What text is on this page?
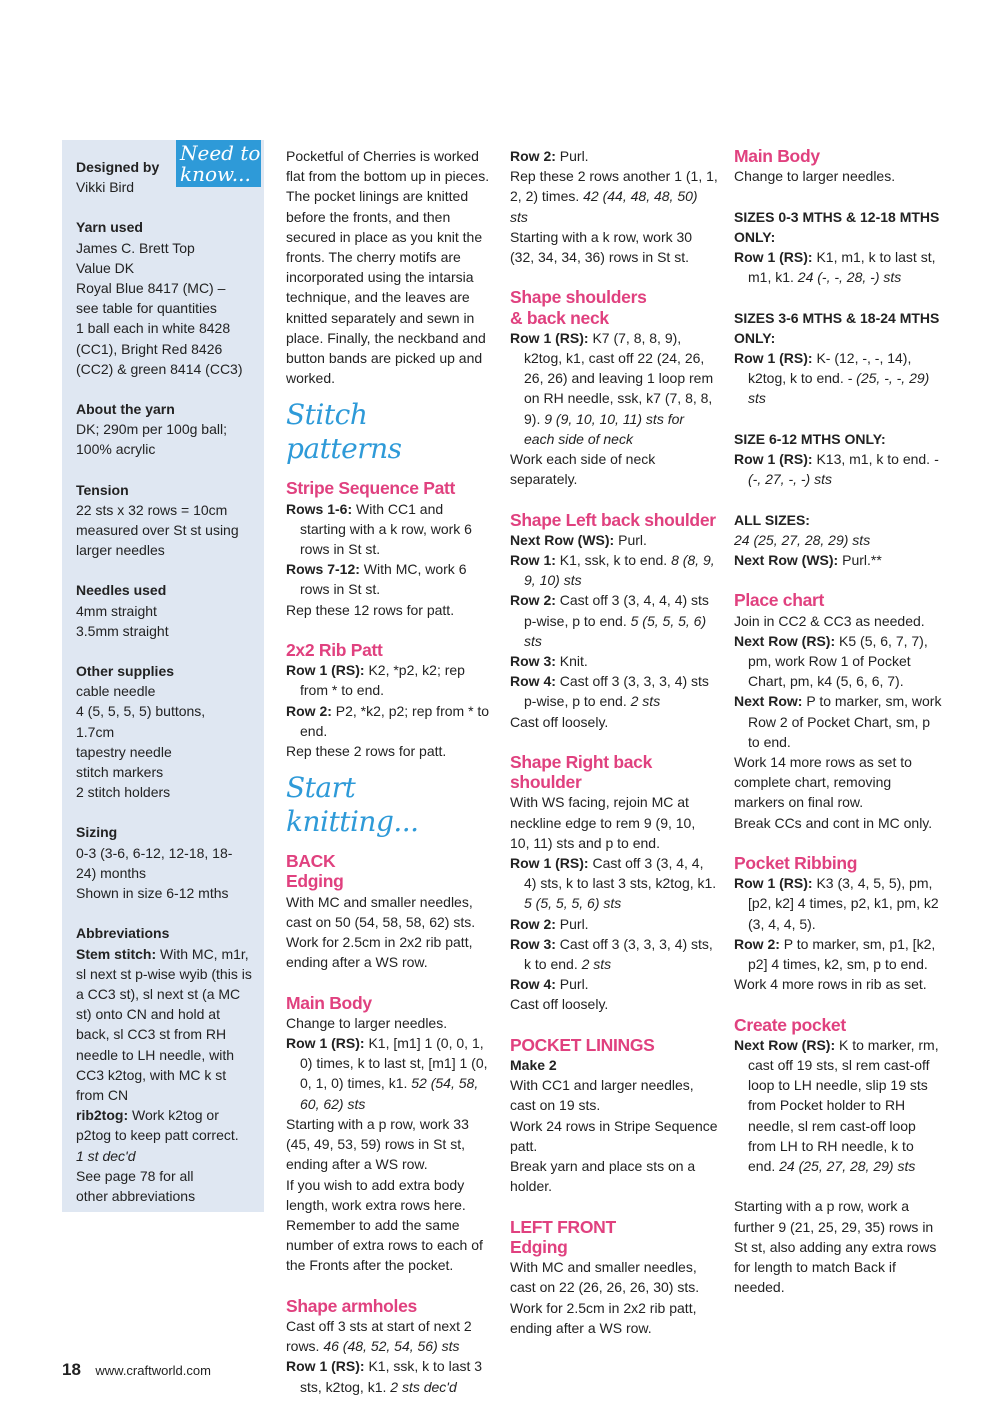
Designed by

Vikki Bird

Yarn used

James C. Brett Top

Value DK

Royal Blue 8417 (MC) –

see table for quantities

1 ball each in white 8428

(CC1), Bright Red 8426

(CC2) & green 8414 (CC3)

About the yarn

DK; 290m per 100g ball;

100% acrylic

Tension

22 sts x 32 rows = 10cm

measured over St st using

larger needles

Needles used

4mm straight

3.5mm straight

Other supplies

cable needle

4 (5, 5, 5, 5) buttons,

1.7cm

tapestry needle

stitch markers

2 stitch holders

Sizing

0-3 (3-6, 6-12, 12-18, 18-

24) months

Shown in size 6-12 mths

Abbreviations

Stem stitch: With MC, m1r, sl next st p-wise wyib (this is a CC3 st), sl next st (a MC st) onto CN and hold at back, sl CC3 st from RH needle to LH needle, with CC3 k2tog, with MC k st from CN

rib2tog: Work k2tog or p2tog to keep patt correct.

1 st dec'd

See page 78 for all other abbreviations

Need to know...

Pocketful of Cherries is worked flat from the bottom up in pieces. The pocket linings are knitted before the fronts, and then secured in place as you knit the fronts. The cherry motifs are incorporated using the intarsia technique, and the leaves are knitted separately and sewn in place. Finally, the neckband and button bands are picked up and worked.

Stitch patterns
Stripe Sequence Patt

Rows 1-6: With CC1 and starting with a k row, work 6 rows in St st.

Rows 7-12: With MC, work 6 rows in St st.

Rep these 12 rows for patt.

2x2 Rib Patt

Row 1 (RS): K2, *p2, k2; rep from * to end.

Row 2: P2, *k2, p2; rep from * to end.

Rep these 2 rows for patt.

Start knitting...
BACK
Edging

With MC and smaller needles, cast on 50 (54, 58, 58, 62) sts. Work for 2.5cm in 2x2 rib patt, ending after a WS row.

Main Body

Change to larger needles.

Row 1 (RS): K1, [m1] 1 (0, 0, 1, 0) times, k to last st, [m1] 1 (0, 0, 1, 0) times, k1. 52 (54, 58, 60, 62) sts

Starting with a p row, work 33 (45, 49, 53, 59) rows in St st, ending after a WS row.

If you wish to add extra body length, work extra rows here. Remember to add the same number of extra rows to each of the Fronts after the pocket.

Shape armholes

Cast off 3 sts at start of next 2 rows. 46 (48, 52, 54, 56) sts

Row 1 (RS): K1, ssk, k to last 3 sts, k2tog, k1. 2 sts dec'd

Row 2: Purl.

Rep these 2 rows another 1 (1, 1, 2, 2) times. 42 (44, 48, 48, 50) sts

Starting with a k row, work 30 (32, 34, 34, 36) rows in St st.

Shape shoulders & back neck

Row 1 (RS): K7 (7, 8, 8, 9), k2tog, k1, cast off 22 (24, 26, 26, 26) and leaving 1 loop rem on RH needle, ssk, k7 (7, 8, 8, 9). 9 (9, 10, 10, 11) sts for each side of neck

Work each side of neck separately.

Shape Left back shoulder

Next Row (WS): Purl.

Row 1: K1, ssk, k to end. 8 (8, 9, 9, 10) sts

Row 2: Cast off 3 (3, 4, 4, 4) sts p-wise, p to end. 5 (5, 5, 5, 6) sts

Row 3: Knit.

Row 4: Cast off 3 (3, 3, 3, 4) sts p-wise, p to end. 2 sts

Cast off loosely.

Shape Right back shoulder

With WS facing, rejoin MC at neckline edge to rem 9 (9, 10, 10, 11) sts and p to end.

Row 1 (RS): Cast off 3 (3, 4, 4, 4) sts, k to last 3 sts, k2tog, k1. 5 (5, 5, 5, 6) sts

Row 2: Purl.

Row 3: Cast off 3 (3, 3, 3, 4) sts, k to end. 2 sts

Row 4: Purl.

Cast off loosely.

POCKET LININGS

Make 2

With CC1 and larger needles, cast on 19 sts.

Work 24 rows in Stripe Sequence patt.

Break yarn and place sts on a holder.

LEFT FRONT
Edging

With MC and smaller needles, cast on 22 (26, 26, 26, 30) sts. Work for 2.5cm in 2x2 rib patt, ending after a WS row.

Main Body

Change to larger needles.

SIZES 0-3 MTHS & 12-18 MTHS ONLY:

Row 1 (RS): K1, m1, k to last st, m1, k1. 24 (-, -, 28, -) sts

SIZES 3-6 MTHS & 18-24 MTHS ONLY:

Row 1 (RS): K- (12, -, -, 14), k2tog, k to end. - (25, -, -, 29) sts

SIZE 6-12 MTHS ONLY:

Row 1 (RS): K13, m1, k to end. - (-, 27, -, -) sts

ALL SIZES:

24 (25, 27, 28, 29) sts

Next Row (WS): Purl.**

Place chart

Join in CC2 & CC3 as needed.

Next Row (RS): K5 (5, 6, 7, 7), pm, work Row 1 of Pocket Chart, pm, k4 (5, 6, 6, 7).

Next Row: P to marker, sm, work Row 2 of Pocket Chart, sm, p to end.

Work 14 more rows as set to complete chart, removing markers on final row.

Break CCs and cont in MC only.

Pocket Ribbing

Row 1 (RS): K3 (3, 4, 5, 5), pm, [p2, k2] 4 times, p2, k1, pm, k2 (3, 4, 4, 5).

Row 2: P to marker, sm, p1, [k2, p2] 4 times, k2, sm, p to end.

Work 4 more rows in rib as set.

Create pocket

Next Row (RS): K to marker, rm, cast off 19 sts, sl rem cast-off loop to LH needle, slip 19 sts from Pocket holder to RH needle, sl rem cast-off loop from LH to RH needle, k to end. 24 (25, 27, 28, 29) sts

Starting with a p row, work a further 9 (21, 25, 29, 35) rows in St st, also adding any extra rows for length to match Back if needed.

18 www.craftworld.com
